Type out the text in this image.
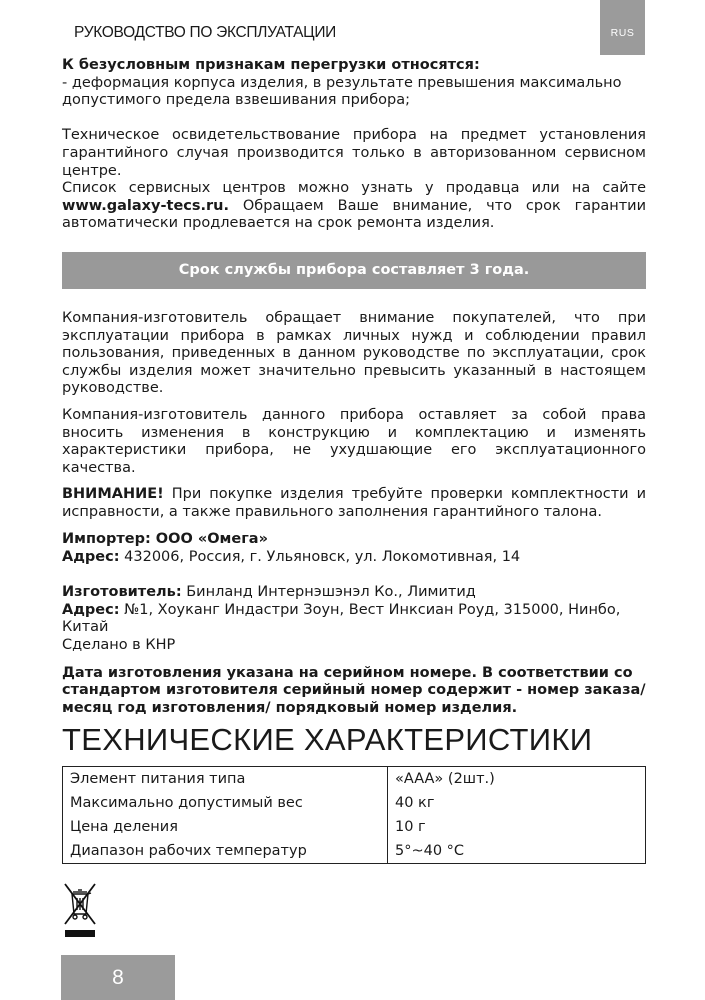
РУКОВОДСТВО ПО ЭКСПЛУАТАЦИИ	RUS

К безусловным признакам перегрузки относятся:

- деформация корпуса изделия, в результате превышения максимально допустимого предела взвешивания прибора;

Техническое освидетельствование прибора на предмет установления гарантийного случая производится только в авторизованном сервисном центре.

Список сервисных центров можно узнать у продавца или на сайте www.galaxy-tecs.ru. Обращаем Ваше внимание, что срок гарантии автоматически продлевается на срок ремонта изделия.

Срок службы прибора составляет 3 года.

Компания-изготовитель обращает внимание покупателей, что при эксплуатации прибора в рамках личных нужд и соблюдении правил пользования, приведенных в данном руководстве по эксплуатации, срок службы изделия может значительно превысить указанный в настоящем руководстве.

Компания-изготовитель данного прибора оставляет за собой права вносить изменения в конструкцию и комплектацию и изменять характеристики прибора, не ухудшающие его эксплуатационного качества.

ВНИМАНИЕ! При покупке изделия требуйте проверки комплектности и исправности, а также правильного заполнения гарантийного талона.

Импортер: ООО «Омега»

Адрес: 432006, Россия, г. Ульяновск, ул. Локомотивная, 14

Изготовитель: Бинланд Интернэшэнэл Ко., Лимитид

Адрес: №1, Хоуканг Индастри Зоун, Вест Инксиан Роуд, 315000, Нинбо, Китай

Сделано в КНР

Дата изготовления указана на серийном номере. В соответствии со стандартом изготовителя серийный номер содержит - номер заказа/месяц год изготовления/ порядковый номер изделия.

ТЕХНИЧЕСКИЕ ХАРАКТЕРИСТИКИ
Элемент питания типа	«AAA» (2шт.)
Максимально допустимый вес	40 кг
Цена деления	10 г
Диапазон рабочих температур	5°~40 °C
8
